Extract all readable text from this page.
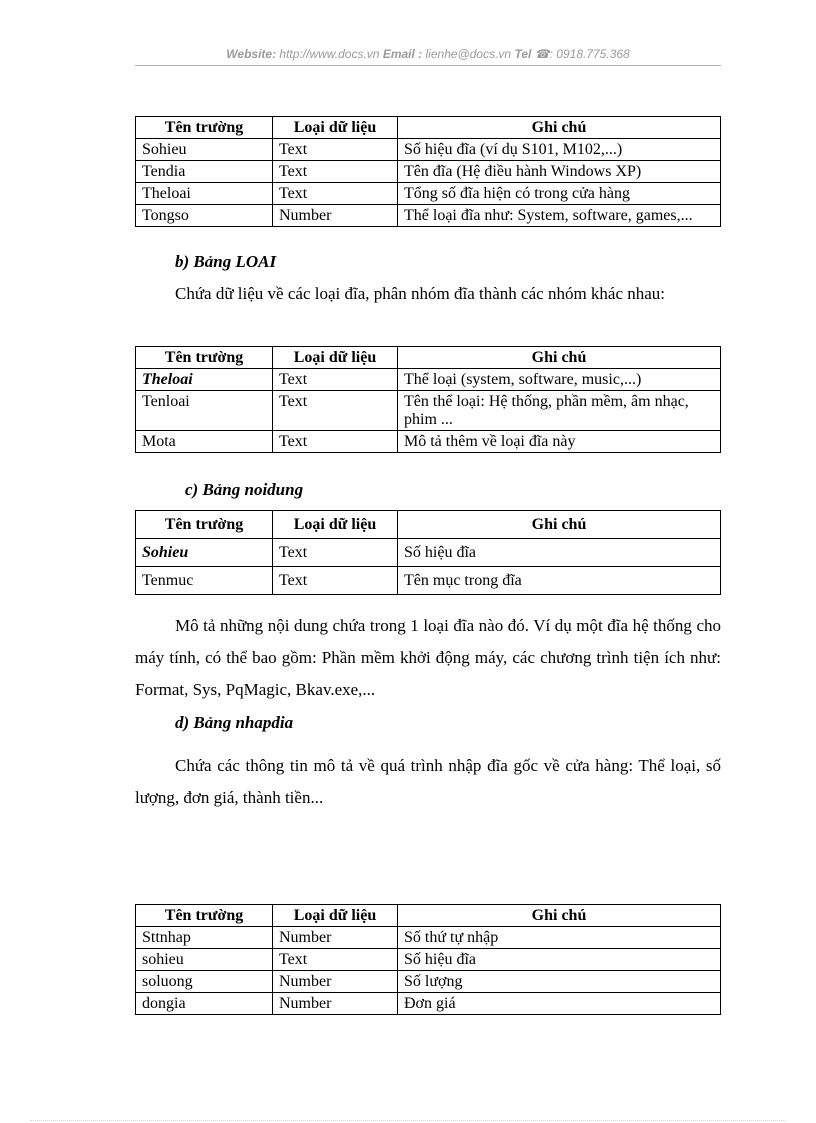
Website: http://www.docs.vn Email : lienhe@docs.vn Tel ☎: 0918.775.368
Tên trường	Loại dữ liệu	Ghi chú
Sohieu	Text	Số hiệu đĩa (ví dụ S101, M102,...)
Tendia	Text	Tên đĩa (Hệ điều hành Windows XP)
Theloai	Text	Tổng số đĩa hiện có trong cửa hàng
Tongso	Number	Thể loại đĩa như: System, software, games,...
b) Bảng LOAI
Chứa dữ liệu về các loại đĩa, phân nhóm đĩa thành các nhóm khác nhau:
Tên trường	Loại dữ liệu	Ghi chú
Theloai	Text	Thể loại (system, software, music,...)
Tenloai	Text	Tên thể loại: Hệ thống, phần mềm, âm nhạc, phim ...
Mota	Text	Mô tả thêm về loại đĩa này
c) Bảng noidung
Tên trường	Loại dữ liệu	Ghi chú
Sohieu	Text	Số hiệu đĩa
Tenmuc	Text	Tên mục trong đĩa
Mô tả những nội dung chứa trong 1 loại đĩa nào đó. Ví dụ một đĩa hệ thống cho máy tính, có thể bao gồm: Phần mềm khởi động máy, các chương trình tiện ích như: Format, Sys, PqMagic, Bkav.exe,...
d) Bảng nhapdia
Chứa các thông tin mô tả về quá trình nhập đĩa gốc về cửa hàng: Thể loại, số lượng, đơn giá, thành tiền...
Tên trường	Loại dữ liệu	Ghi chú
Sttnhap	Number	Số thứ tự nhập
sohieu	Text	Số hiệu đĩa
soluong	Number	Số lượng
dongia	Number	Đơn giá
